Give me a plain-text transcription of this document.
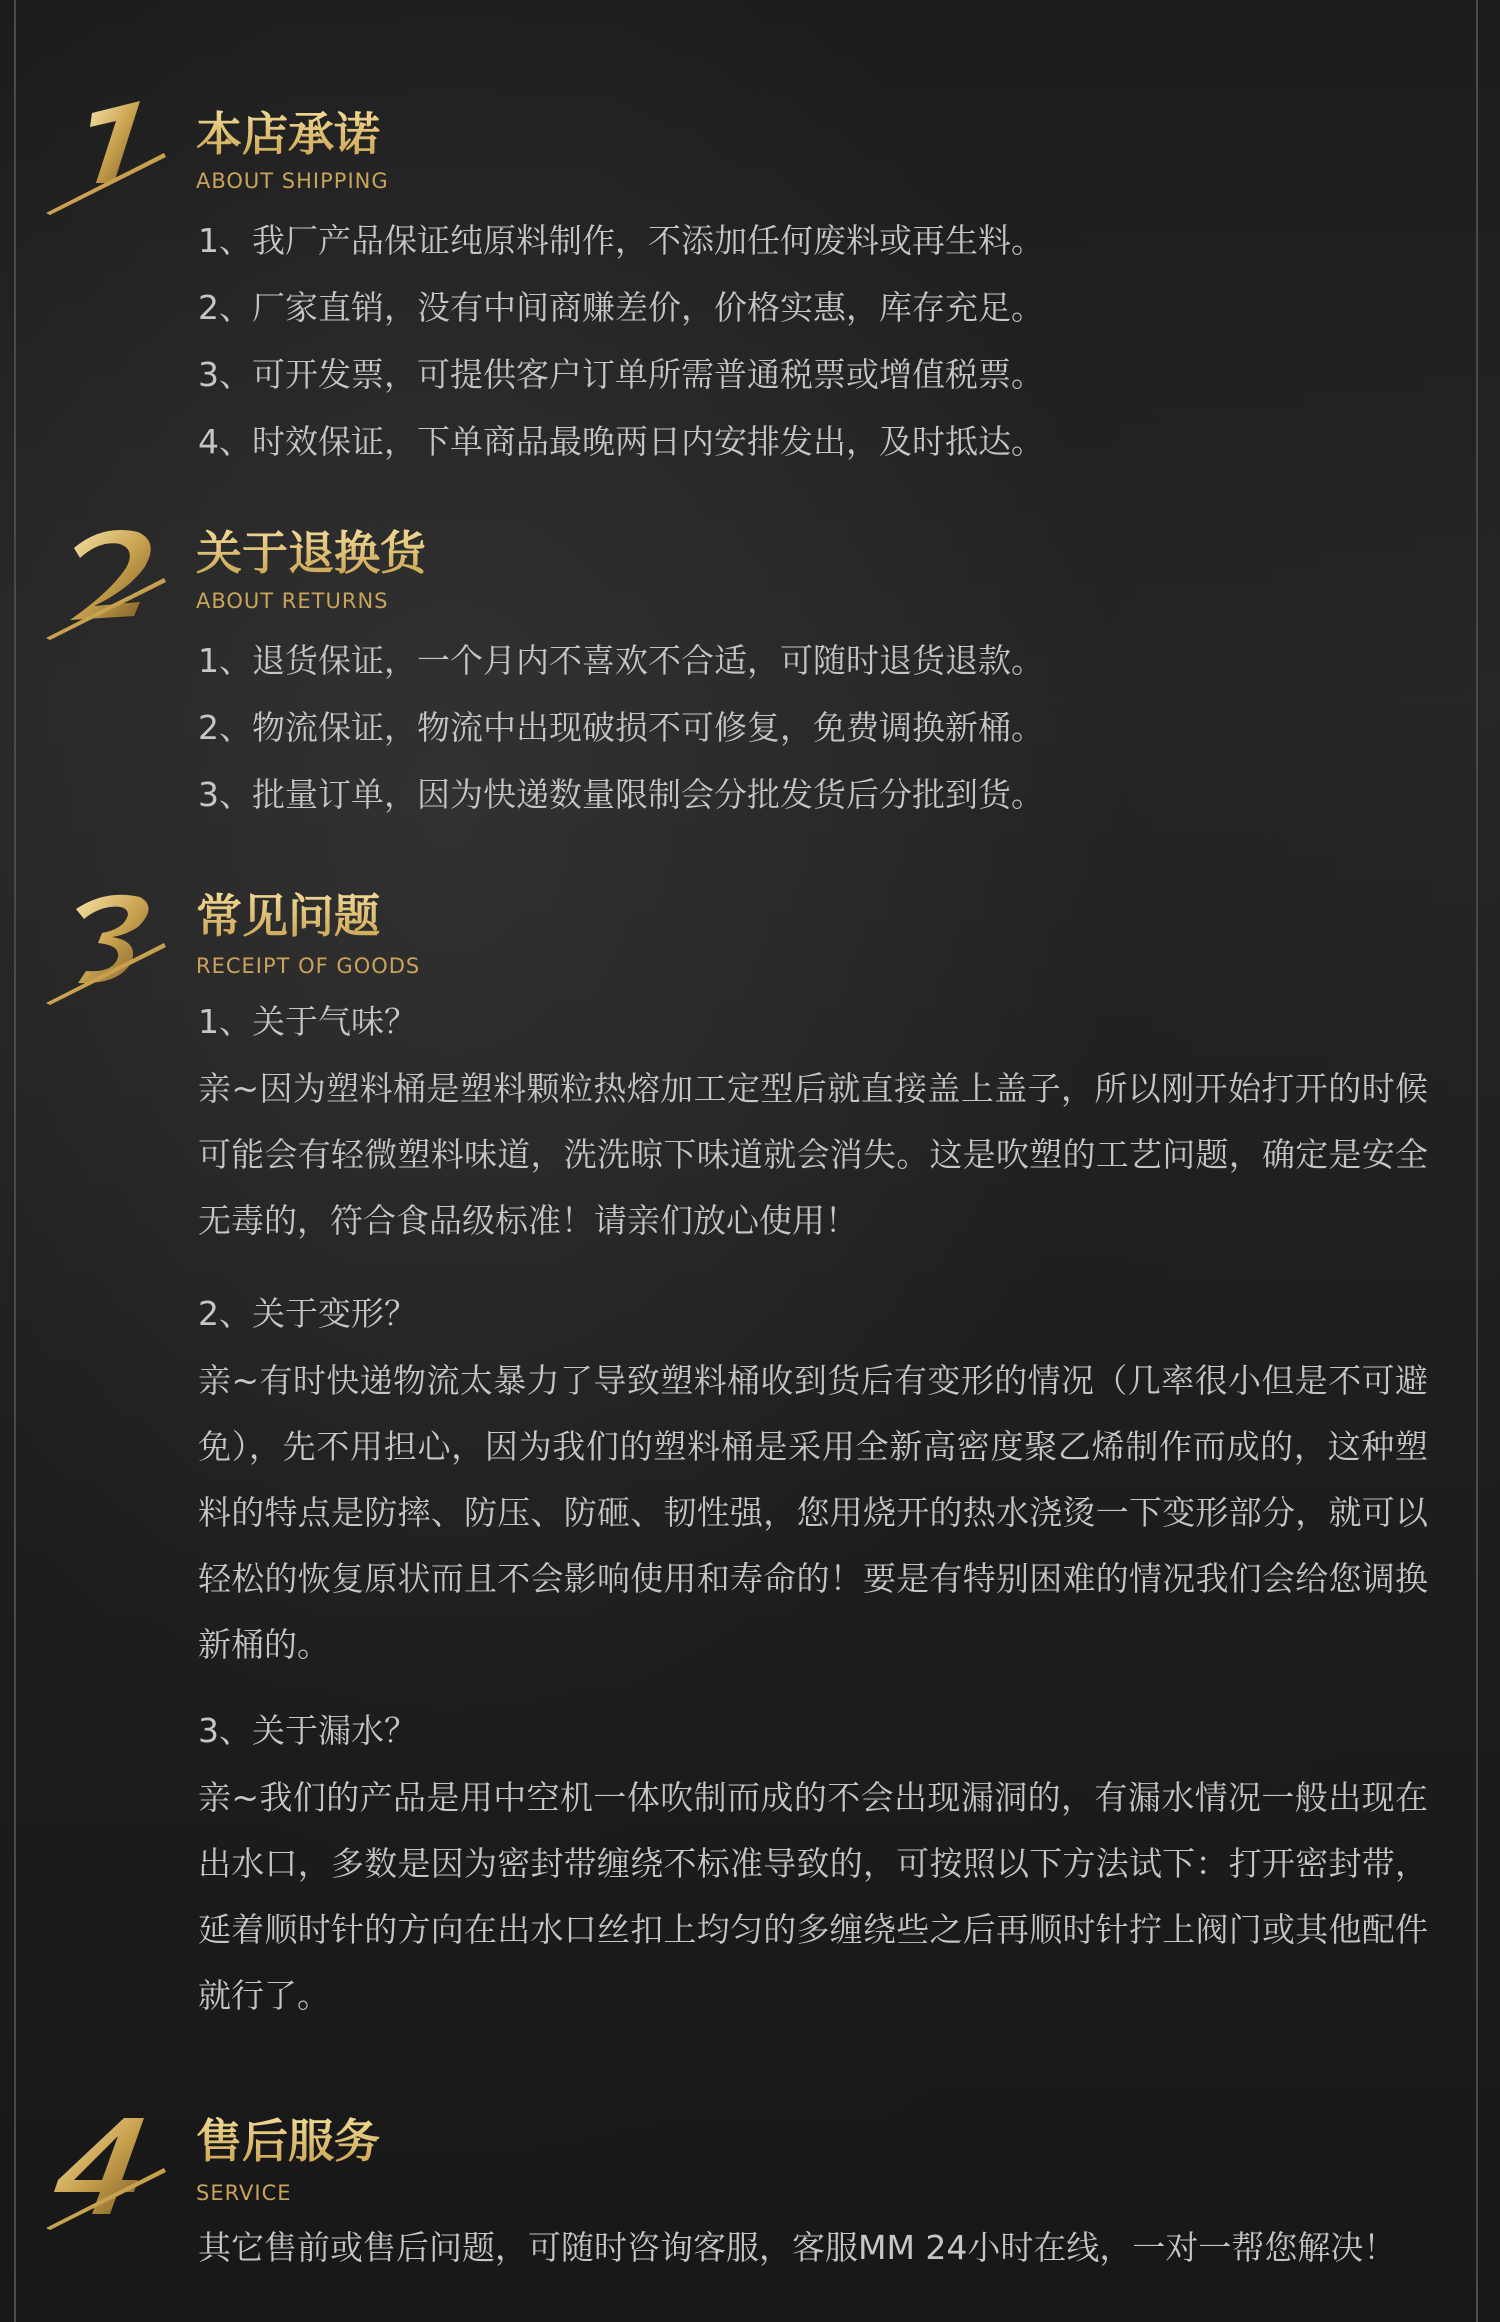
本店承诺
ABOUT SHIPPING
1、我厂产品保证纯原料制作，不添加任何废料或再生料。
2、厂家直销，没有中间商赚差价，价格实惠，库存充足。
3、可开发票，可提供客户订单所需普通税票或增值税票。
4、时效保证，下单商品最晚两日内安排发出，及时抵达。
关于退换货
ABOUT RETURNS
1、退货保证，一个月内不喜欢不合适，可随时退货退款。
2、物流保证，物流中出现破损不可修复，免费调换新桶。
3、批量订单，因为快递数量限制会分批发货后分批到货。
常见问题
RECEIPT OF GOODS
1、关于气味？
亲~因为塑料桶是塑料颗粒热熔加工定型后就直接盖上盖子，所以刚开始打开的时候可能会有轻微塑料味道，洗洗晾下味道就会消失。这是吹塑的工艺问题，确定是安全无毒的，符合食品级标准！请亲们放心使用！
2、关于变形？
亲~有时快递物流太暴力了导致塑料桶收到货后有变形的情况（几率很小但是不可避免），先不用担心，因为我们的塑料桶是采用全新高密度聚乙烯制作而成的，这种塑料的特点是防摔、防压、防砸、韧性强，您用烧开的热水浇烫一下变形部分，就可以轻松的恢复原状而且不会影响使用和寿命的！要是有特别困难的情况我们会给您调换新桶的。
3、关于漏水？
亲~我们的产品是用中空机一体吹制而成的不会出现漏洞的，有漏水情况一般出现在出水口，多数是因为密封带缠绕不标准导致的，可按照以下方法试下：打开密封带，延着顺时针的方向在出水口丝扣上均匀的多缠绕些之后再顺时针拧上阀门或其他配件就行了。
售后服务
SERVICE
其它售前或售后问题，可随时咨询客服，客服MM 24小时在线，一对一帮您解决！
